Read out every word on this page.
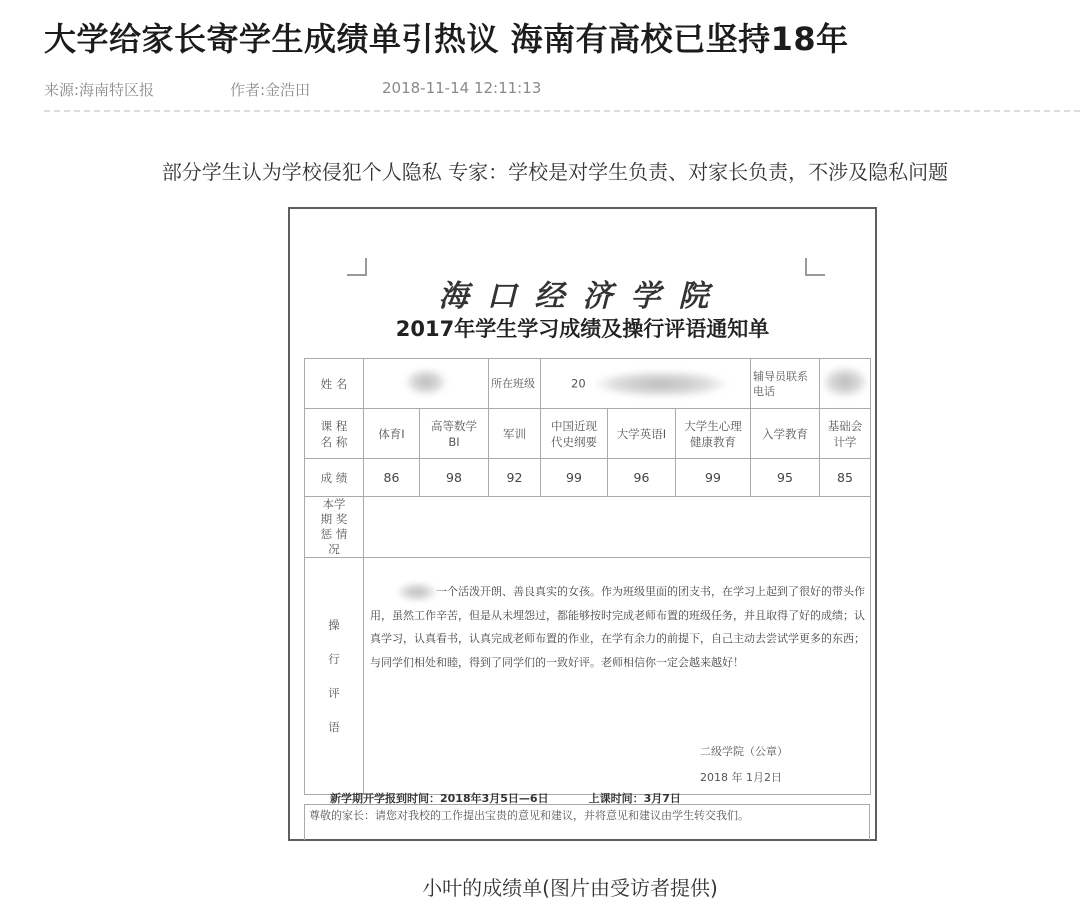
大学给家长寄学生成绩单引热议 海南有高校已坚持18年
来源:海南特区报	作者:金浩田	2018-11-14 12:11:13
部分学生认为学校侵犯个人隐私 专家：学校是对学生负责、对家长负责，不涉及隐私问题
海口经济学院
2017年学生学习成绩及操行评语通知单
姓 名			所在班级	20			辅导员联系电话	
课 程 名 称	体育I	高等数学BI	军训	中国近现代史纲要	大学英语I	大学生心理健康教育	入学教育	基础会计学
成 绩	86	98	92	99	96	99	95	85
本学期 奖 惩 情 况								
操 行 评 语	一个活泼开朗、善良真实的女孩。作为班级里面的团支书，在学习上起到了很好的带头作用，虽然工作辛苦，但是从未埋怨过，都能够按时完成老师布置的班级任务，并且取得了好的成绩；认真学习，认真看书，认真完成老师布置的作业，在学有余力的前提下，自己主动去尝试学更多的东西；与同学们相处和睦，得到了同学们的一致好评。老师相信你一定会越来越好！
二级学院（公章）
2018 年 1月2日							
新学期开学报到时间：2018年3月5日—6日	上课时间：3月7日
尊敬的家长：请您对我校的工作提出宝贵的意见和建议，并将意见和建议由学生转交我们。
小叶的成绩单(图片由受访者提供)
